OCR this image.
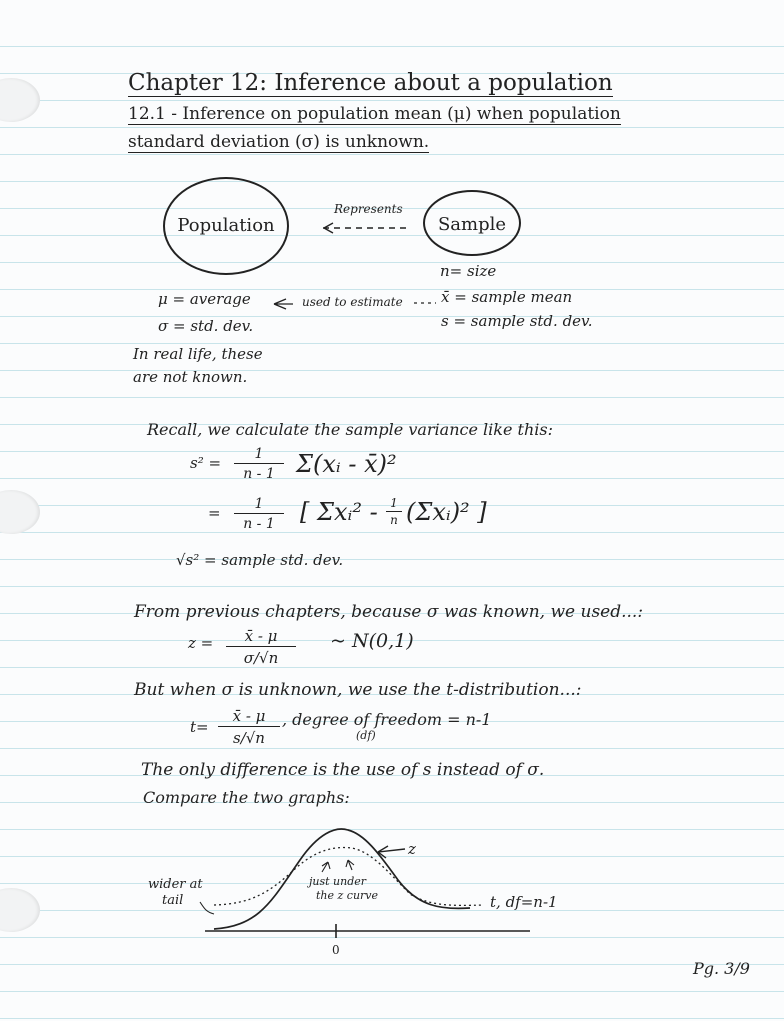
Chapter 12: Inference about a population
12.1 - Inference on population mean (μ) when population
standard deviation (σ) is unknown.
Population	Sample
Represents
n= size
μ = average	used to estimate	x̄ = sample mean
σ = std. dev.	s = sample std. dev.
In real life, these
are not known.
Recall, we calculate the sample variance like this:
$s^2 = \frac{1}{n - 1}$ Σ(xᵢ - x̄)²
= $\frac{1}{n - 1}$ [ Σxᵢ² - $\frac{1}{n}$ (Σxᵢ)² ]
√s² = sample std. dev.
From previous chapters, because σ was known, we used...:
$z = \frac{x̄ - \mu}{\sigma/√n}$ ~ N(0,1)
But when σ is unknown, we use the t-distribution...:
$t= \frac{x̄ - \mu}{s/√n}$ , degree of freedom = n-1
(df)
The only difference is the use of s instead of σ.
Compare the two graphs:
z
wider at
tail
just under
the z curve	t, df=n-1
0
Pg. 3/9
